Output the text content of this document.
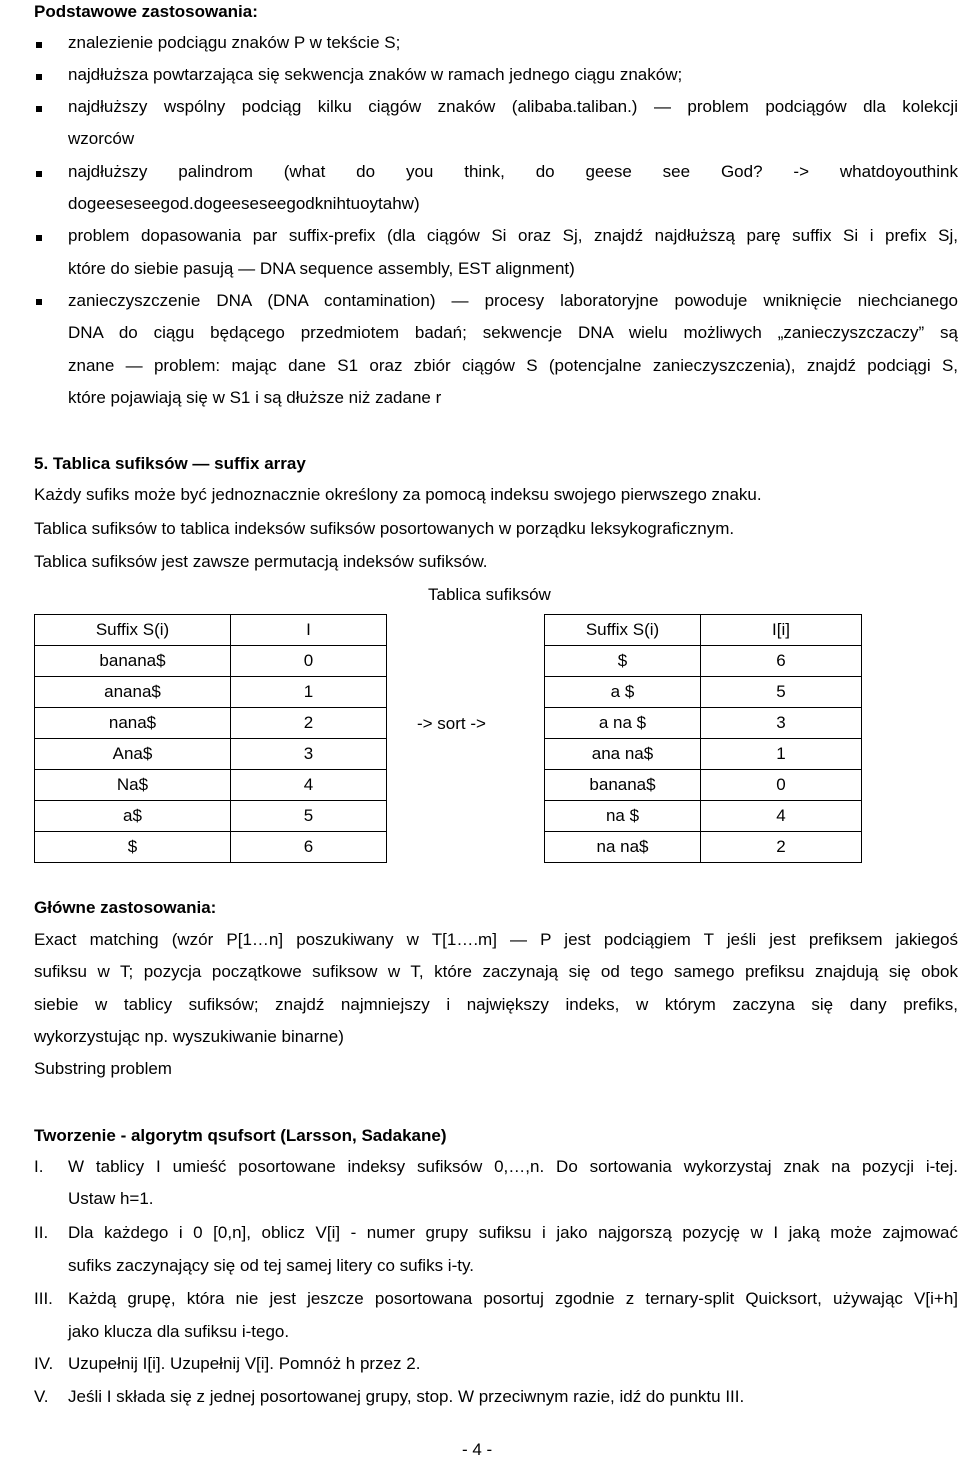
Podstawowe zastosowania:
znalezienie podciągu znaków P w tekście S;
najdłuższa powtarzająca się sekwencja znaków w ramach jednego ciągu znaków;
najdłuższy wspólny podciąg kilku ciągów znaków (alibaba.taliban.) — problem podciągów dla kolekcji
wzorców
najdłuższy palindrom (what do you think, do geese see God? -> whatdoyouthink
dogeeseseegod.dogeeseseegodknihtuoytahw)
problem dopasowania par suffix-prefix (dla ciągów Si oraz Sj, znajdź najdłuższą parę suffix Si i prefix Sj,
które do siebie pasują — DNA sequence assembly, EST alignment)
zanieczyszczenie DNA (DNA contamination) — procesy laboratoryjne powoduje wniknięcie niechcianego
DNA do ciągu będącego przedmiotem badań; sekwencje DNA wielu możliwych „zanieczyszczaczy” są
znane — problem: mając dane S1 oraz zbiór ciągów S (potencjalne zanieczyszczenia), znajdź podciągi S,
które pojawiają się w S1 i są dłuższe niż zadane r
5. Tablica sufiksów — suffix array
Każdy sufiks może być jednoznacznie określony za pomocą indeksu swojego pierwszego znaku.
Tablica sufiksów to tablica indeksów sufiksów posortowanych w porządku leksykograficznym.
Tablica sufiksów jest zawsze permutacją indeksów sufiksów.
Tablica sufiksów
Suffix S(i)	I
banana$	0
anana$	1
nana$	2
Ana$	3
Na$	4
a$	5
$	6
-> sort ->
Suffix S(i)	I[i]
$	6
a $	5
a na $	3
ana na$	1
banana$	0
na $	4
na na$	2
Główne zastosowania:
Exact matching (wzór P[1…n] poszukiwany w T[1….m] — P jest podciągiem T jeśli jest prefiksem jakiegoś
sufiksu w T; pozycja początkowe sufiksow w T, które zaczynają się od tego samego prefiksu znajdują się obok
siebie w tablicy sufiksów; znajdź najmniejszy i największy indeks, w którym zaczyna się dany prefiks,
wykorzystując np. wyszukiwanie binarne)
Substring problem
Tworzenie - algorytm qsufsort (Larsson, Sadakane)
I. W tablicy I umieść posortowane indeksy sufiksów 0,…,n. Do sortowania wykorzystaj znak na pozycji i-tej.
Ustaw h=1.
II. Dla każdego i 0 [0,n], oblicz V[i] - numer grupy sufiksu i jako najgorszą pozycję w I jaką może zajmować
sufiks zaczynający się od tej samej litery co sufiks i-ty.
III. Każdą grupę, która nie jest jeszcze posortowana posortuj zgodnie z ternary-split Quicksort, używając V[i+h]
jako klucza dla sufiksu i-tego.
IV. Uzupełnij I[i]. Uzupełnij V[i]. Pomnóż h przez 2.
V. Jeśli I składa się z jednej posortowanej grupy, stop. W przeciwnym razie, idź do punktu III.
- 4 -
